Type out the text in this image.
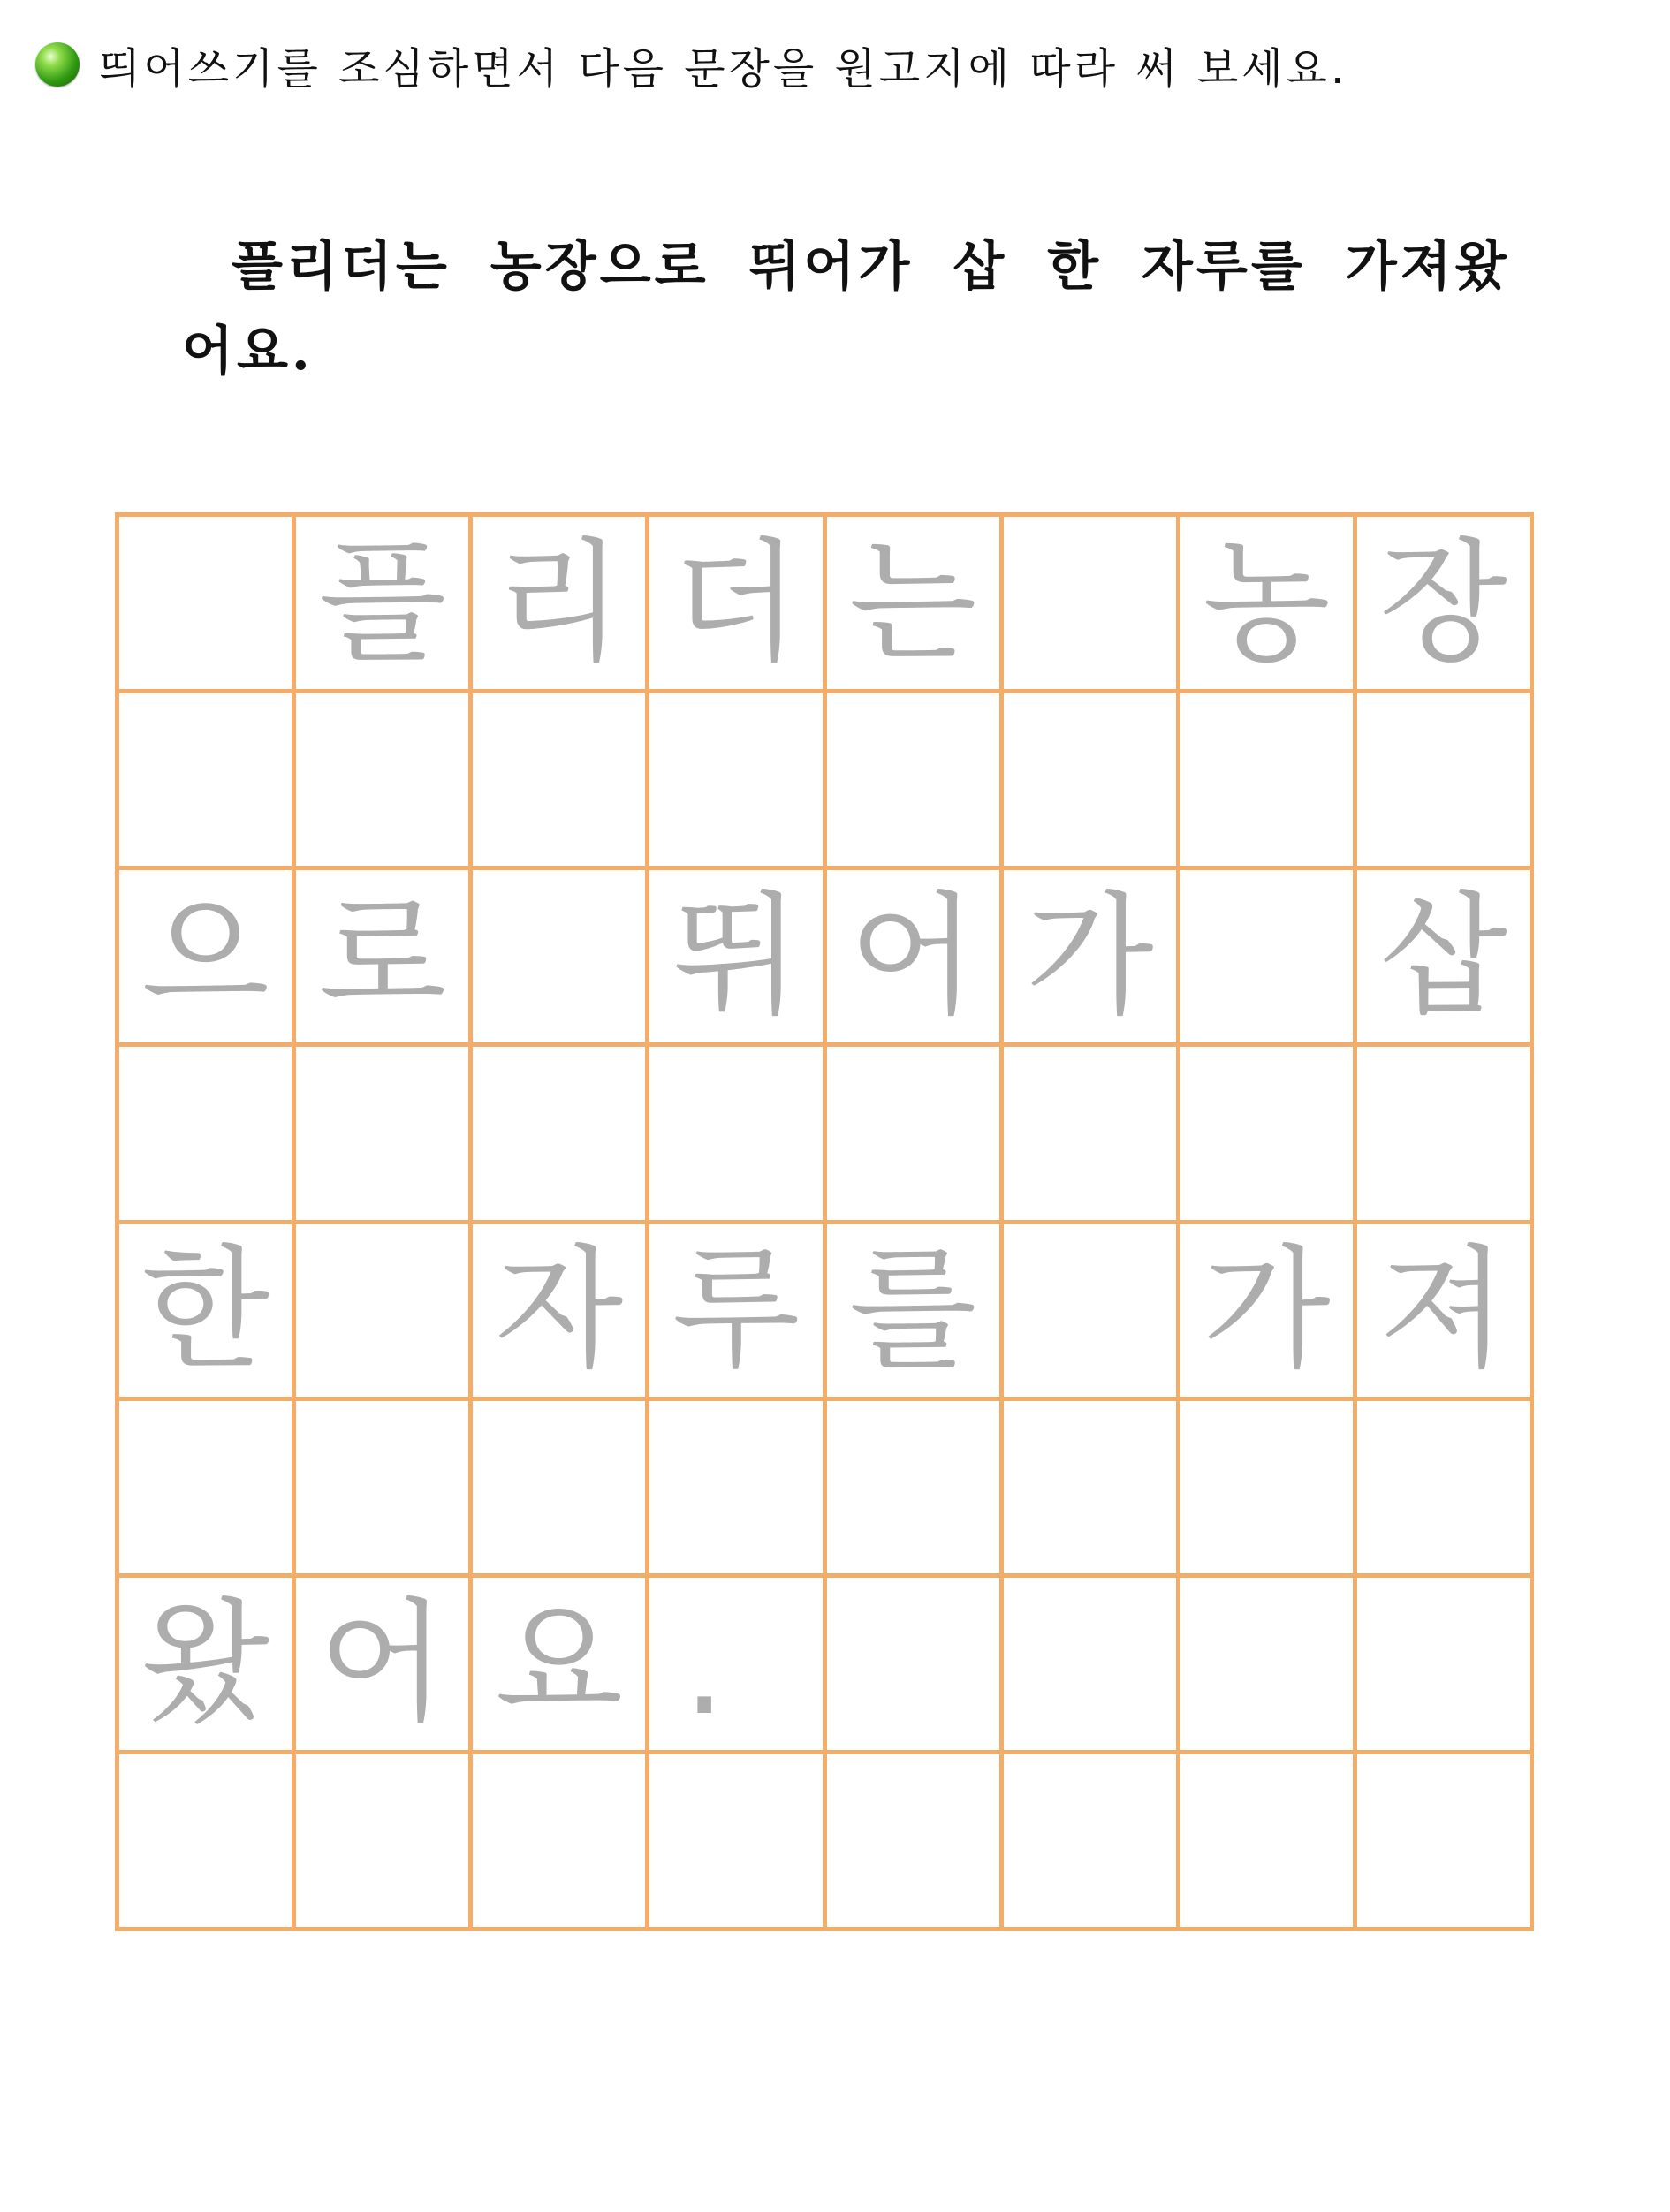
띄어쓰기를 조심하면서 다음 문장을 원고지에 따라 써 보세요.
플리더는 농장으로 뛰어가 삽 한 자루를 가져왔
어요.
플 리 더 는 농 장
으 로 뛰 어 가 삽
한 자 루 를 가 져
왔 어 요 .
